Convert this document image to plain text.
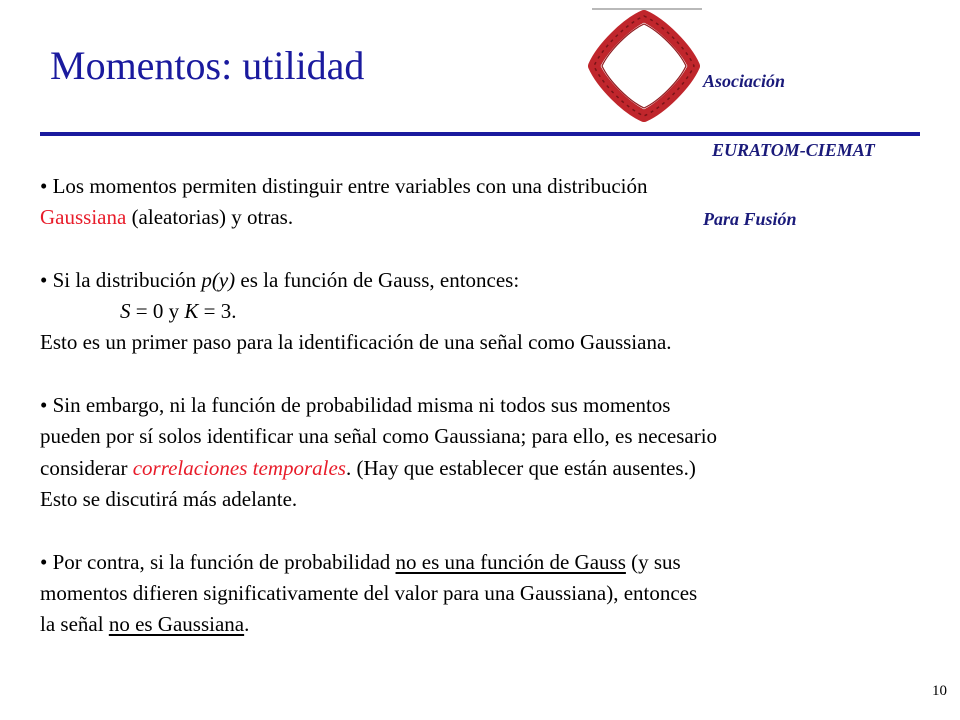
Momentos: utilidad

	Asociación

EURATOM-CIEMAT

Para Fusión

• Los momentos permiten distinguir entre variables con una distribución
Gaussiana (aleatorias) y otras.
• Si la distribución p(y) es la función de Gauss, entonces:
S = 0 y K = 3.
Esto es un primer paso para la identificación de una señal como Gaussiana.
• Sin embargo, ni la función de probabilidad misma ni todos sus momentos
pueden por sí solos identificar una señal como Gaussiana; para ello, es necesario
considerar correlaciones temporales. (Hay que establecer que están ausentes.)
Esto se discutirá más adelante.
• Por contra, si la función de probabilidad no es una función de Gauss (y sus
momentos difieren significativamente del valor para una Gaussiana), entonces
la señal no es Gaussiana.
10
